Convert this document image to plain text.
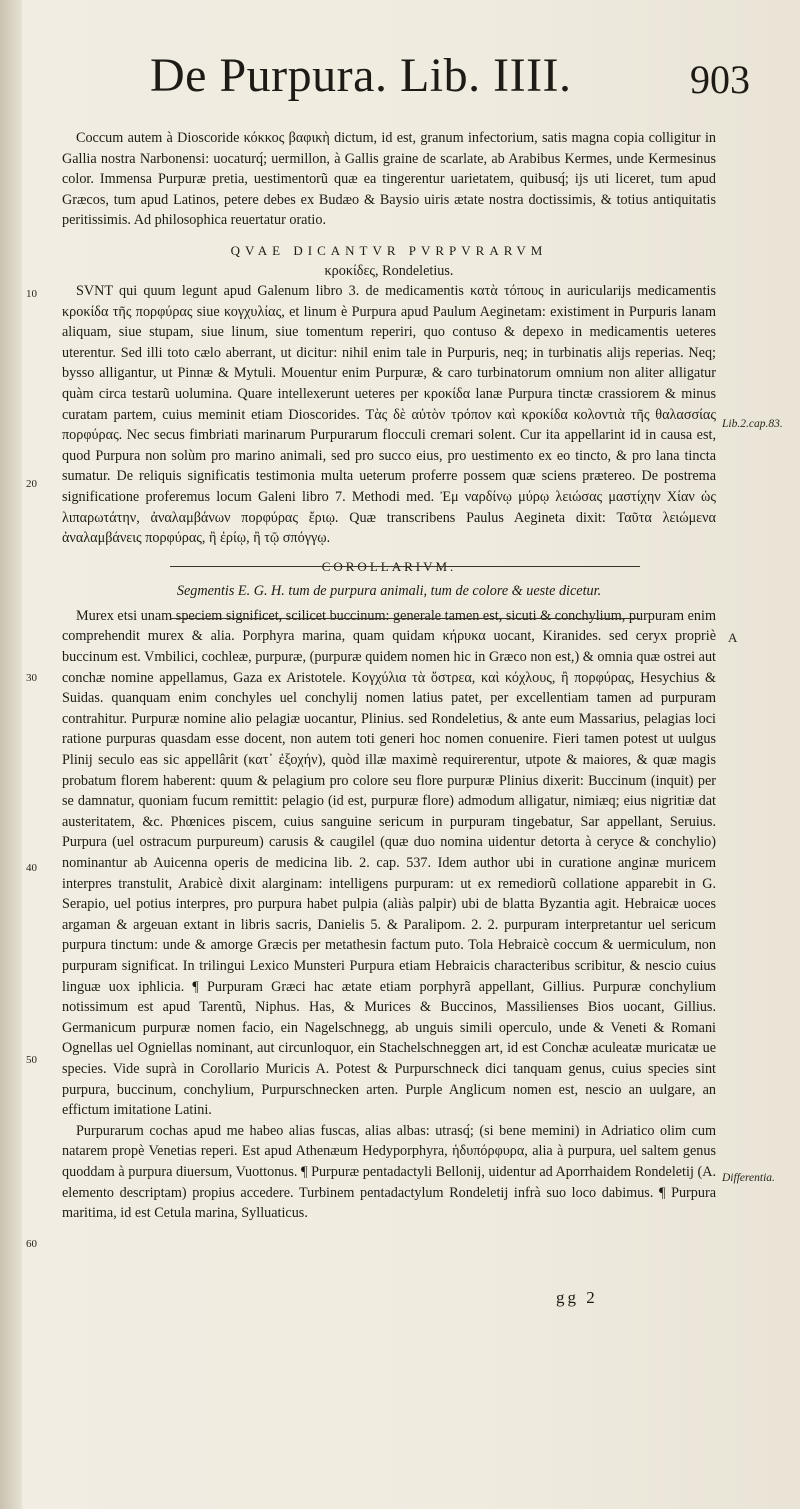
De Purpura. Lib. IIII.	903

Coccum autem à Dioscoride κόκκος βαφικὴ dictum, id est, granum infectorium, satis magna copia colligitur in Gallia nostra Narbonensi: uocaturq́; uermillon, à Gallis graine de scarlate, ab Arabibus Kermes, unde Kermesinus color. Immensa Purpuræ pretia, uestimentorũ quæ ea tingerentur uarietatem, quibusq́; ijs uti liceret, tum apud Græcos, tum apud Latinos, petere debes ex Budæo & Baysio uiris ætate nostra doctissimis, & totius antiquitatis peritissimis. Ad philosophica reuertatur oratio.

QVAE DICANTVR PVRPVRARVM

κροκίδες, Rondeletius.

SVNT qui quum legunt apud Galenum libro 3. de medicamentis κατὰ τόπους in auricularijs medicamentis κροκίδα τῆς πορφύρας siue κογχυλίας, et linum è Purpura apud Paulum Aeginetam: existiment in Purpuris lanam aliquam, siue stupam, siue linum, siue tomentum reperiri, quo contuso & depexo in medicamentis ueteres uterentur. Sed illi toto cælo aberrant, ut dicitur: nihil enim tale in Purpuris, neq; in turbinatis alijs reperias. Neq; bysso alligantur, ut Pinnæ & Mytuli. Mouentur enim Purpuræ, & caro turbinatorum omnium non aliter alligatur quàm circa testarũ uolumina. Quare intellexerunt ueteres per κροκίδα lanæ Purpura tinctæ crassiorem & minus curatam partem, cuius meminit etiam Dioscorides. Τὰς δὲ αὐτὸν τρόπον καὶ κροκίδα κολοντιὰ τῆς θαλασσίας πορφύρας. Nec secus fimbriati marinarum Purpurarum flocculi cremari solent. Cur ita appellarint id in causa est, quod Purpura non solùm pro marino animali, sed pro succo eius, pro uestimento ex eo tincto, & pro lana tincta sumatur. De reliquis significatis testimonia multa ueterum proferre possem quæ sciens prætereo. De postrema significatione proferemus locum Galeni libro 7. Methodi med. Ἐμ ναρδίνῳ μύρῳ λειώσας μαστίχην Χίαν ὡς λιπαρωτάτην, ἀναλαμβάνων πορφύρας ἔριῳ. Quæ transcribens Paulus Aegineta dixit: Ταῦτα λειώμενα ἀναλαμβάνεις πορφύρας, ἢ ἐρίῳ, ἢ τῷ σπόγγῳ.

COROLLARIVM.

Segmentis E. G. H. tum de purpura animali, tum de colore & ueste dicetur.

Murex etsi unam speciem significet, scilicet buccinum: generale tamen est, sicuti & conchylium, purpuram enim comprehendit murex & alia. Porphyra marina, quam quidam κήρυκα uocant, Kiranides. sed ceryx propriè buccinum est. Vmbilici, cochleæ, purpuræ, (purpuræ quidem nomen hic in Græco non est,) & omnia quæ ostrei aut conchæ nomine appellamus, Gaza ex Aristotele. Κογχύλια τὰ ὄστρεα, καὶ κόχλους, ἢ πορφύρας, Hesychius & Suidas. quanquam enim conchyles uel conchylij nomen latius patet, per excellentiam tamen ad purpuram contrahitur. Purpuræ nomine alio pelagiæ uocantur, Plinius. sed Rondeletius, & ante eum Massarius, pelagias loci ratione purpuras quasdam esse docent, non autem toti generi hoc nomen conuenire. Fieri tamen potest ut uulgus Plinij seculo eas sic appellârit (κατ᾽ ἐξοχήν), quòd illæ maximè requirerentur, utpote & maiores, & quæ magis probatum florem haberent: quum & pelagium pro colore seu flore purpuræ Plinius dixerit: Buccinum (inquit) per se damnatur, quoniam fucum remittit: pelagio (id est, purpuræ flore) admodum alligatur, nimiæq; eius nigritiæ dat austeritatem, &c. Phœnices piscem, cuius sanguine sericum in purpuram tingebatur, Sar appellant, Seruius. Purpura (uel ostracum purpureum) carusis & caugilel (quæ duo nomina uidentur detorta à ceryce & conchylio) nominantur ab Auicenna operis de medicina lib. 2. cap. 537. Idem author ubi in curatione anginæ muricem interpres transtulit, Arabicè dixit alarginam: intelligens purpuram: ut ex remediorũ collatione apparebit in G. Serapio, uel potius interpres, pro purpura habet pulpia (aliàs palpir) ubi de blatta Byzantia agit. Hebraicæ uoces argaman & argeuan extant in libris sacris, Danielis 5. & Paralipom. 2. 2. purpuram interpretantur uel sericum purpura tinctum: unde & amorge Græcis per metathesin factum puto. Tola Hebraicè coccum & uermiculum, non purpuram significat. In trilingui Lexico Munsteri Purpura etiam Hebraicis characteribus scribitur, & nescio cuius linguæ uox iphlicia. ¶ Purpuram Græci hac ætate etiam porphyrã appellant, Gillius. Purpuræ conchylium notissimum est apud Tarentũ, Niphus. Has, & Murices & Buccinos, Massilienses Bios uocant, Gillius. Germanicum purpuræ nomen facio, ein Nagelschnegg, ab unguis simili operculo, unde & Veneti & Romani Ognellas uel Ogniellas nominant, aut circunloquor, ein Stachelschneggen art, id est Conchæ aculeatæ muricatæ ue species. Vide suprà in Corollario Muricis A. Potest & Purpurschneck dici tanquam genus, cuius species sint purpura, buccinum, conchylium, Purpurschnecken arten. Purple Anglicum nomen est, nescio an uulgare, an effictum imitatione Latini.

Purpurarum cochas apud me habeo alias fuscas, alias albas: utrasq́; (si bene memini) in Adriatico olim cum natarem propè Venetias reperi. Est apud Athenæum Hedyporphyra, ἡδυπόρφυρα, alia à purpura, uel saltem genus quoddam à purpura diuersum, Vuottonus. ¶ Purpuræ pentadactyli Bellonij, uidentur ad Aporrhaidem Rondeletij (A. elemento descriptam) propius accedere. Turbinem pentadactylum Rondeletij infrà suo loco dabimus. ¶ Purpura maritima, id est Cetula marina, Sylluaticus.

10
20
30
40
50
60
Lib.2.cap.83.
A
Differentia.
gg 2
